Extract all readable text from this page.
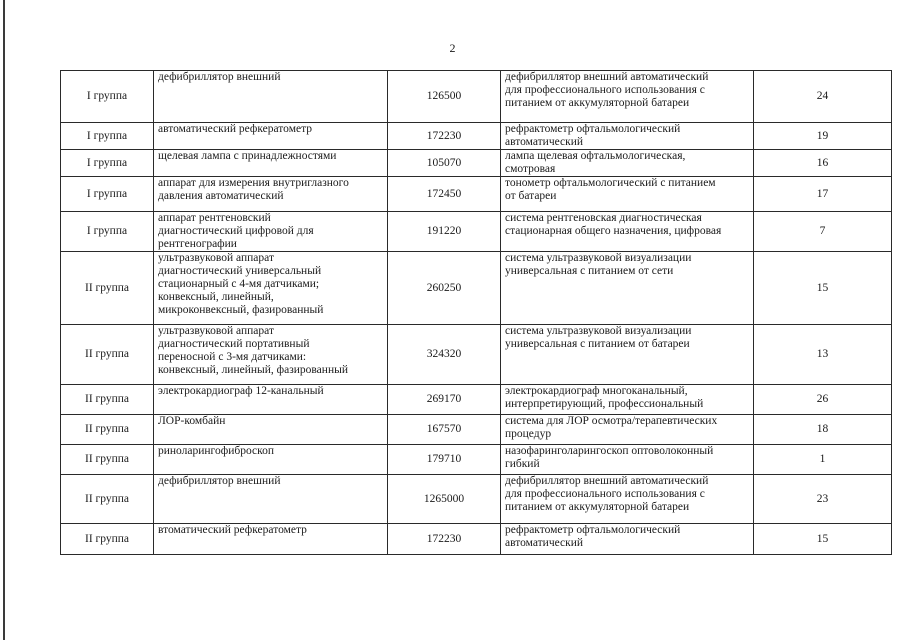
2
I группа	дефибриллятор внешний	126500	дефибриллятор внешний автоматический
для профессионального использования с
питанием от аккумуляторной батареи	24

I группа	автоматический рефкератометр	172230	рефрактометр офтальмологический
автоматический	19

I группа	щелевая лампа с принадлежностями	105070	лампа щелевая офтальмологическая,
смотровая	16

I группа	аппарат для измерения внутриглазного
давления автоматический	172450	тонометр офтальмологический с питанием
от батареи	17

I группа	аппарат рентгеновский
диагностический цифровой для
рентгенографии	191220	система рентгеновская диагностическая
стационарная общего назначения, цифровая	7

II группа	ультразвуковой аппарат
диагностический универсальный
стационарный с 4-мя датчиками;
конвексный, линейный,
микроконвексный, фазированный	260250	система ультразвуковой визуализации
универсальная с питанием от сети	15

II группа	ультразвуковой аппарат
диагностический портативный
переносной с 3-мя датчиками:
конвексный, линейный, фазированный	324320	система ультразвуковой визуализации
универсальная с питанием от батареи	13

II группа	электрокардиограф 12-канальный	269170	электрокардиограф многоканальный,
интерпретирующий, профессиональный	26

II группа	ЛОР-комбайн	167570	система для ЛОР осмотра/терапевтических
процедур	18

II группа	риноларингофиброскоп	179710	назофаринголарингоскоп оптоволоконный
гибкий	1

II группа	дефибриллятор внешний	1265000	дефибриллятор внешний автоматический
для профессионального использования с
питанием от аккумуляторной батареи	23

II группа	втоматический рефкератометр	172230	рефрактометр офтальмологический
автоматический	15
